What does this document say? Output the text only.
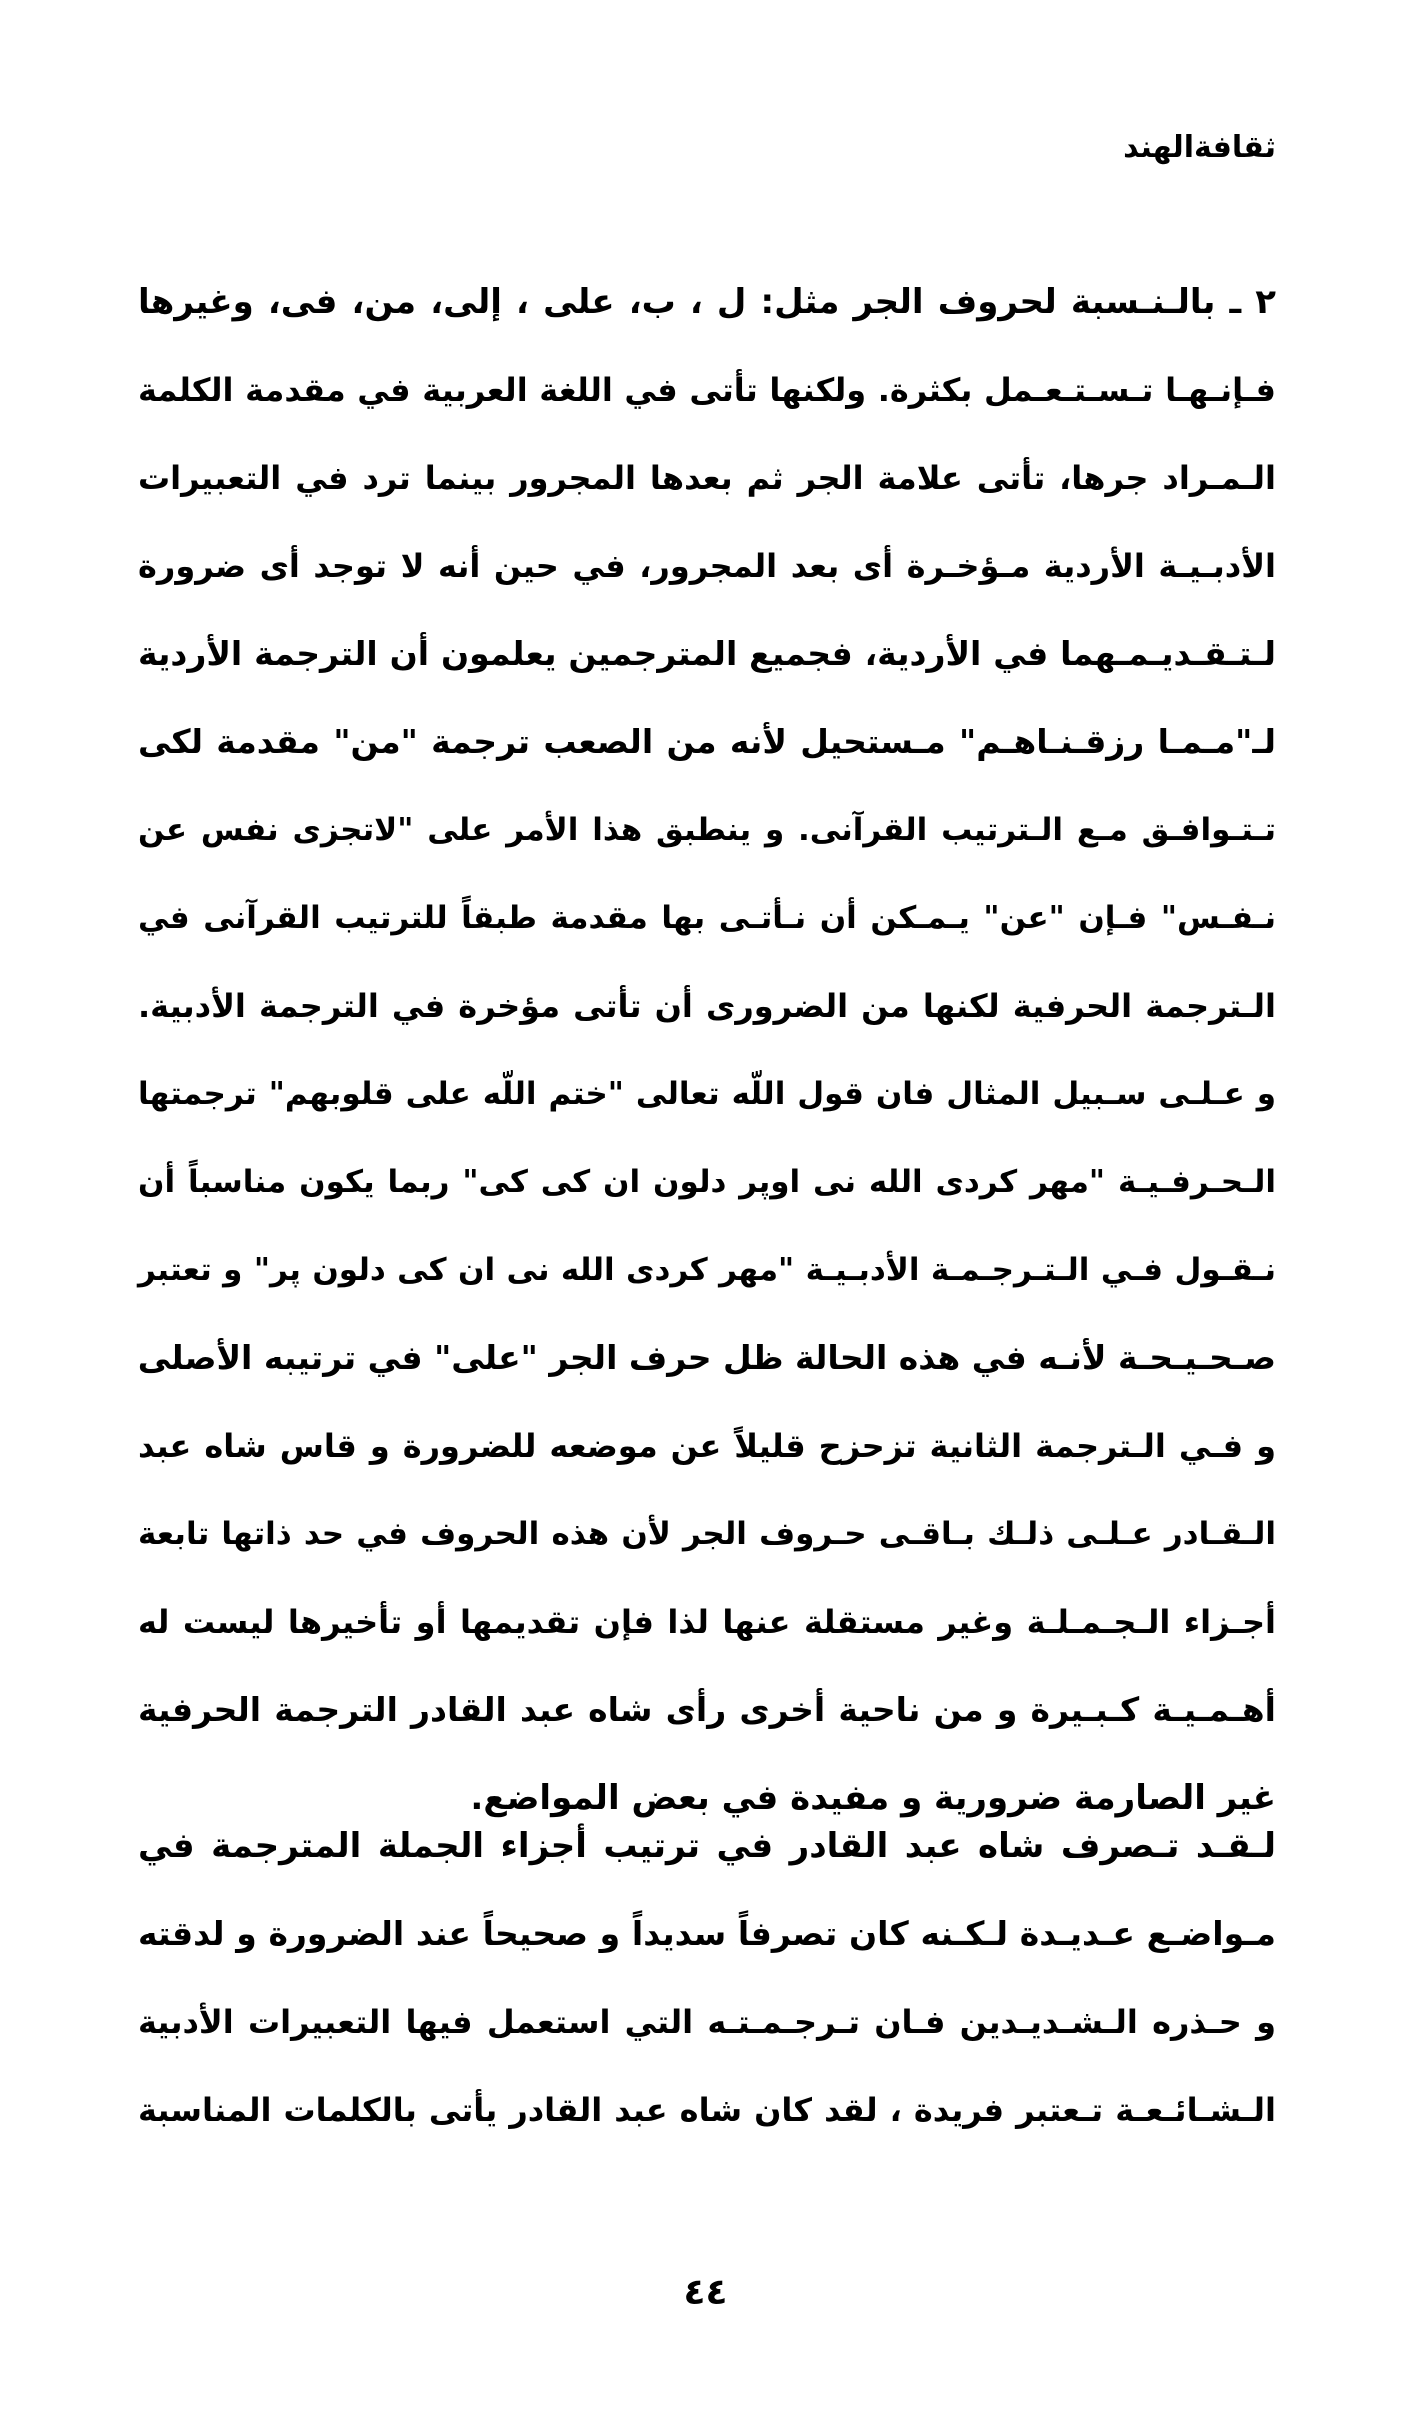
ثقافةالهند
٢ ـ بالـنـسبة لحروف الجر مثل: ل ، ب، على ، إلى، من، فى، وغيرها
فـإنـهـا تـسـتـعـمل بكثرة. ولكنها تأتى في اللغة العربية في مقدمة الكلمة
الـمـراد جرها، تأتى علامة الجر ثم بعدها المجرور بينما ترد في التعبيرات
الأدبـيـة الأردية مـؤخـرة أى بعد المجرور، في حين أنه لا توجد أى ضرورة
لـتـقـديـمـهما في الأردية، فجميع المترجمين يعلمون أن الترجمة الأردية
لـ"مـمـا رزقـنـاهـم" مـستحيل لأنه من الصعب ترجمة "من" مقدمة لكى
تـتـوافـق مـع الـترتيب القرآنى. و ينطبق هذا الأمر على "لاتجزى نفس عن
نـفـس" فـإن "عن" يـمـكن أن نـأتـى بها مقدمة طبقاً للترتيب القرآنى في
الـترجمة الحرفية لكنها من الضرورى أن تأتى مؤخرة في الترجمة الأدبية.
و عـلـى سـبيل المثال فان قول اللّه تعالى "ختم اللّه على قلوبهم" ترجمتها
الـحـرفـيـة "مهر كردى الله نى اوپر دلون ان كى كى" ربما يكون مناسباً أن
نـقـول فـي الـتـرجـمـة الأدبـيـة "مهر كردى الله نى ان كى دلون پر" و تعتبر
صـحـيـحـة لأنـه في هذه الحالة ظل حرف الجر "على" في ترتيبه الأصلى
و فـي الـترجمة الثانية تزحزح قليلاً عن موضعه للضرورة و قاس شاه عبد
الـقـادر عـلـى ذلـك بـاقـى حـروف الجر لأن هذه الحروف في حد ذاتها تابعة
أجـزاء الـجـمـلـة وغير مستقلة عنها لذا فإن تقديمها أو تأخيرها ليست له
أهـمـيـة كـبـيرة و من ناحية أخرى رأى شاه عبد القادر الترجمة الحرفية
غير الصارمة ضرورية و مفيدة في بعض المواضع.
لـقـد تـصرف شاه عبد القادر في ترتيب أجزاء الجملة المترجمة في
مـواضـع عـديـدة لـكـنه كان تصرفاً سديداً و صحيحاً عند الضرورة و لدقته
و حـذره الـشـديـدين فـان تـرجـمـتـه التي استعمل فيها التعبيرات الأدبية
الـشـائـعـة تـعتبر فريدة ، لقد كان شاه عبد القادر يأتى بالكلمات المناسبة
٤٤
